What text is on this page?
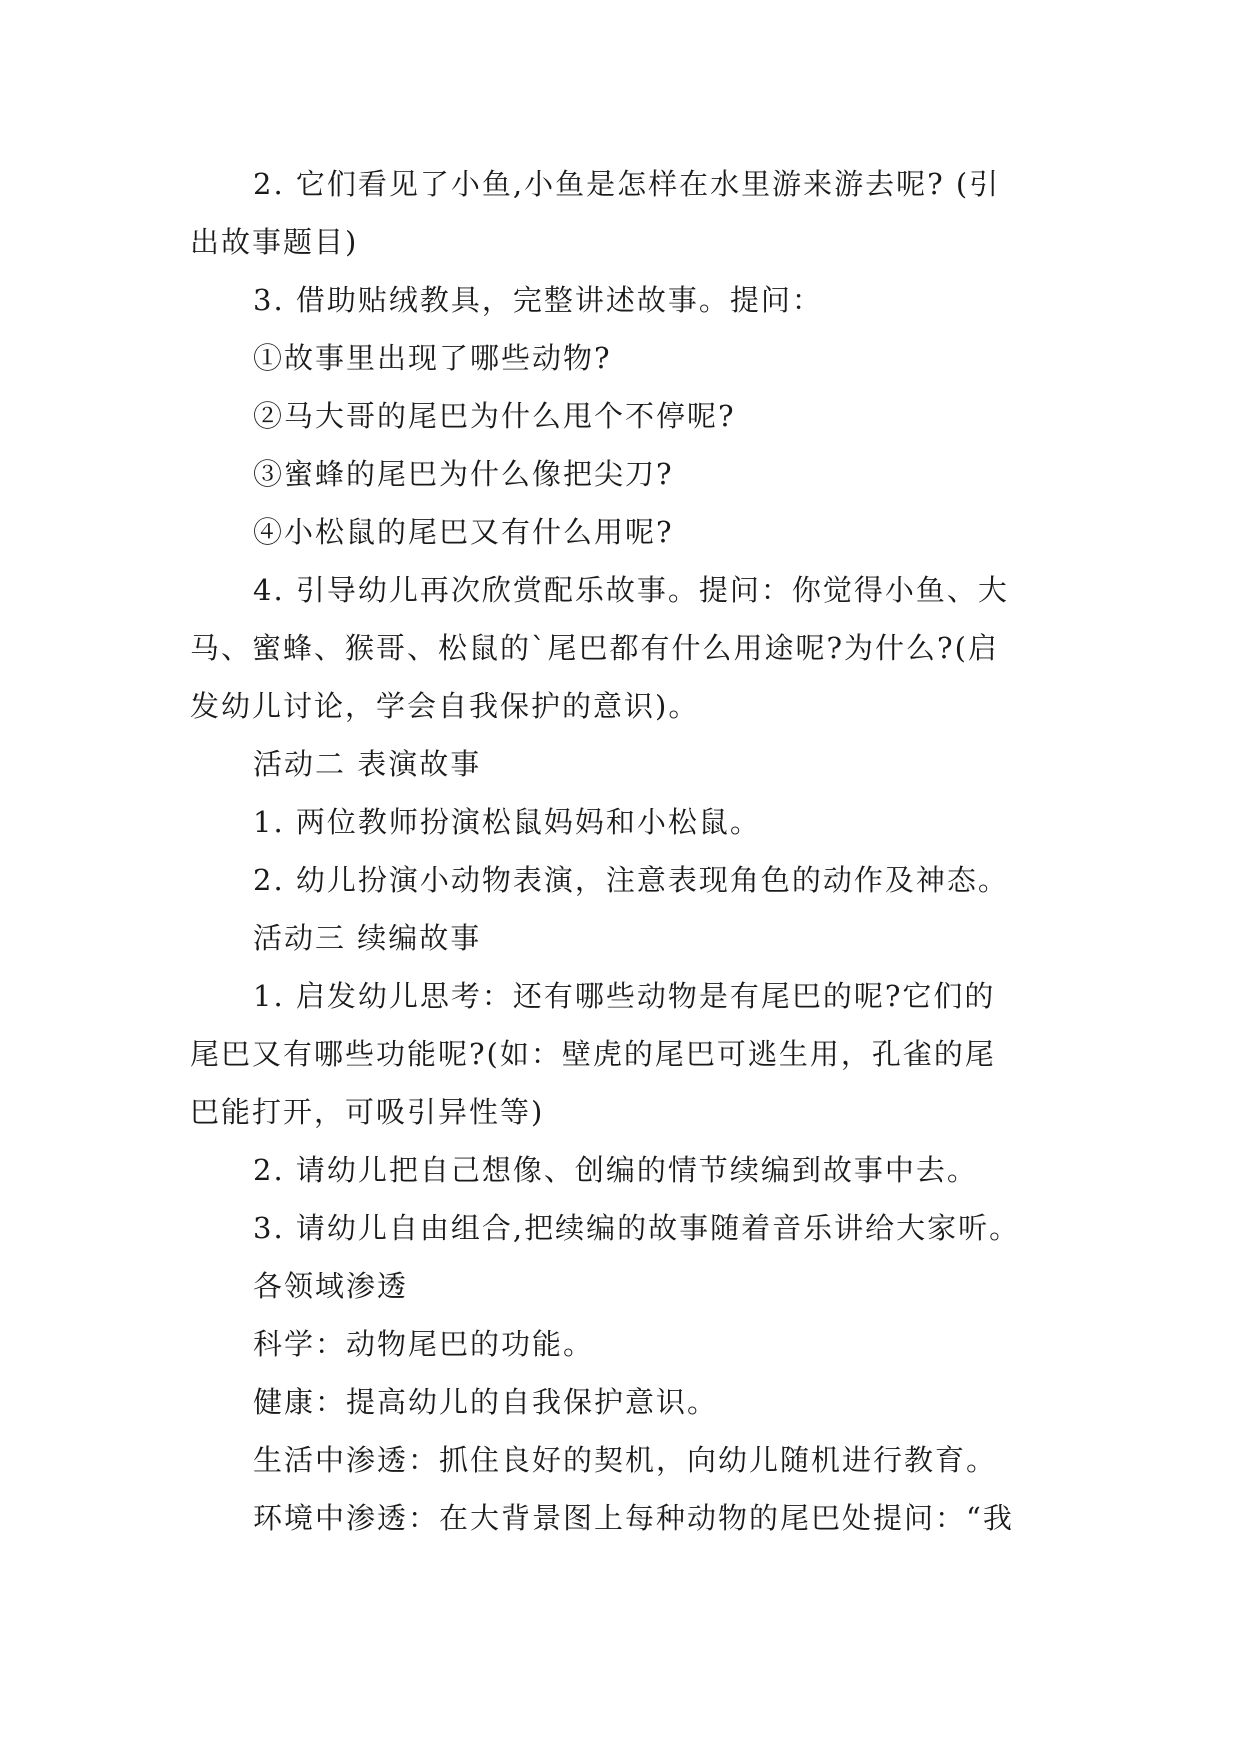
2. 它们看见了小鱼,小鱼是怎样在水里游来游去呢? (引
出故事题目)
3. 借助贴绒教具，完整讲述故事。提问：
①故事里出现了哪些动物?
②马大哥的尾巴为什么甩个不停呢?
③蜜蜂的尾巴为什么像把尖刀?
④小松鼠的尾巴又有什么用呢?
4. 引导幼儿再次欣赏配乐故事。提问：你觉得小鱼、大
马、蜜蜂、猴哥、松鼠的`尾巴都有什么用途呢?为什么?(启
发幼儿讨论，学会自我保护的意识)。
活动二 表演故事
1. 两位教师扮演松鼠妈妈和小松鼠。
2. 幼儿扮演小动物表演，注意表现角色的动作及神态。
活动三 续编故事
1. 启发幼儿思考：还有哪些动物是有尾巴的呢?它们的
尾巴又有哪些功能呢?(如：壁虎的尾巴可逃生用，孔雀的尾
巴能打开，可吸引异性等)
2. 请幼儿把自己想像、创编的情节续编到故事中去。
3. 请幼儿自由组合,把续编的故事随着音乐讲给大家听。
各领域渗透
科学：动物尾巴的功能。
健康：提高幼儿的自我保护意识。
生活中渗透：抓住良好的契机，向幼儿随机进行教育。
环境中渗透：在大背景图上每种动物的尾巴处提问：“我
